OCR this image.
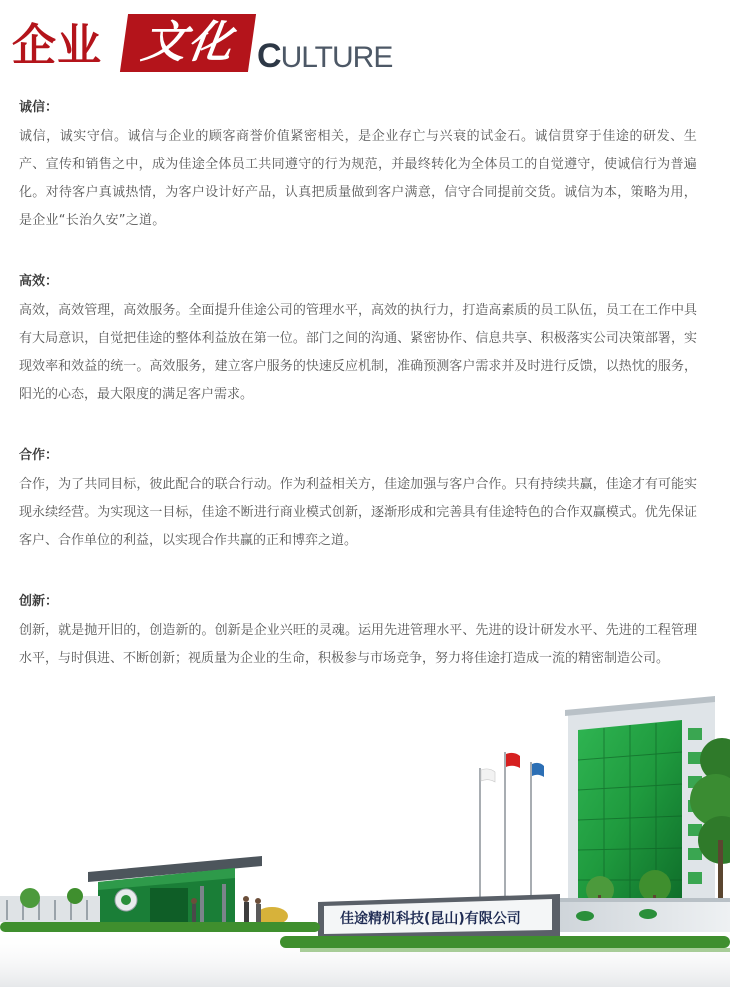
企业 文化 CULTURE
诚信：

诚信，诚实守信。诚信与企业的顾客商誉价值紧密相关，是企业存亡与兴衰的试金石。诚信贯穿于佳途的研发、生产、宣传和销售之中，成为佳途全体员工共同遵守的行为规范，并最终转化为全体员工的自觉遵守，使诚信行为普遍化。对待客户真诚热情，为客户设计好产品，认真把质量做到客户满意，信守合同提前交货。诚信为本，策略为用，是企业“长治久安”之道。

高效：

高效，高效管理，高效服务。全面提升佳途公司的管理水平，高效的执行力，打造高素质的员工队伍，员工在工作中具有大局意识，自觉把佳途的整体利益放在第一位。部门之间的沟通、紧密协作、信息共享、积极落实公司决策部署，实现效率和效益的统一。高效服务，建立客户服务的快速反应机制，准确预测客户需求并及时进行反馈，以热忱的服务，阳光的心态，最大限度的满足客户需求。

合作：

合作，为了共同目标，彼此配合的联合行动。作为利益相关方，佳途加强与客户合作。只有持续共赢，佳途才有可能实现永续经营。为实现这一目标，佳途不断进行商业模式创新，逐渐形成和完善具有佳途特色的合作双赢模式。优先保证客户、合作单位的利益，以实现合作共赢的正和博弈之道。

创新：

创新，就是抛开旧的，创造新的。创新是企业兴旺的灵魂。运用先进管理水平、先进的设计研发水平、先进的工程管理水平，与时俱进、不断创新；视质量为企业的生命，积极参与市场竞争，努力将佳途打造成一流的精密制造公司。

佳途精机科技(昆山)有限公司
